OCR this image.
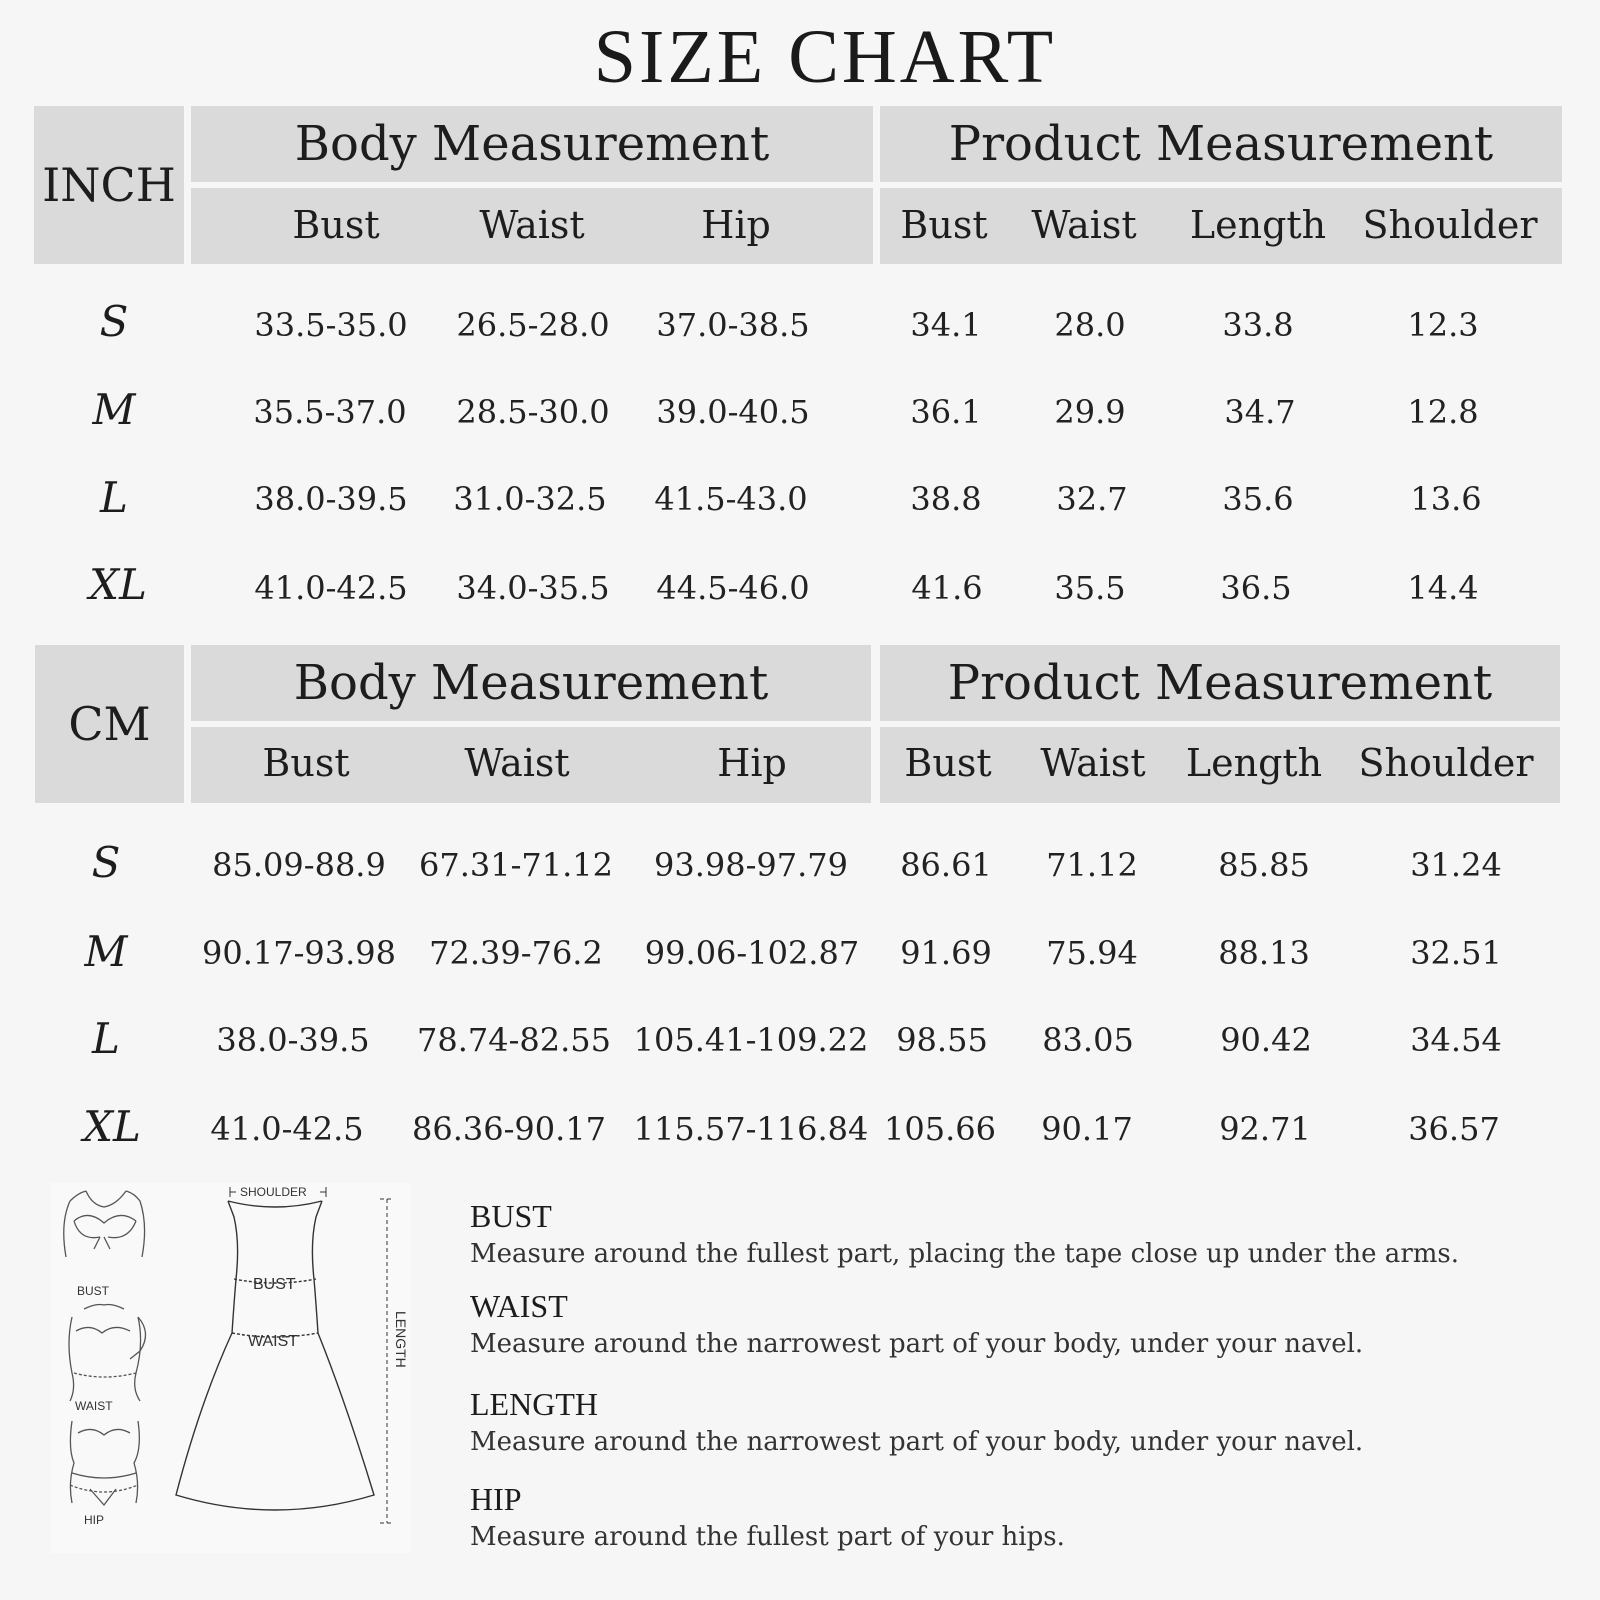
SIZE CHART
INCH
Body Measurement	Product Measurement
Bust	Waist	Hip	Bust Waist Length Shoulder
S	33.5-35.0 26.5-28.0 37.0-38.5	34.1 28.0	33.8	12.3
M	35.5-37.0 28.5-30.0 39.0-40.5	36.1 29.9	34.7	12.8
L	38.0-39.5 31.0-32.5 41.5-43.0	38.8 32.7	35.6	13.6
XL	41.0-42.5 34.0-35.5 44.5-46.0	41.6 35.5	36.5	14.4
CM
Body Measurement	Product Measurement
Bust	Waist	Hip	Bust Waist Length Shoulder
S	85.09-88.9 67.31-71.12 93.98-97.79 86.61 71.12	85.85	31.24
M 90.17-93.98 72.39-76.2 99.06-102.87 91.69 75.94	88.13	32.51
L	38.0-39.5 78.74-82.55 105.41-109.22 98.55 83.05	90.42	34.54
XL 41.0-42.5 86.36-90.17 115.57-116.84 105.66 90.17	92.71	36.57
BUST
WAIST
HIP
SHOULDER
BUST
WAIST	LENGTH
BUST
Measure around the fullest part, placing the tape close up under the arms.
WAIST
Measure around the narrowest part of your body, under your navel.
LENGTH
Measure around the narrowest part of your body, under your navel.
HIP
Measure around the fullest part of your hips.
